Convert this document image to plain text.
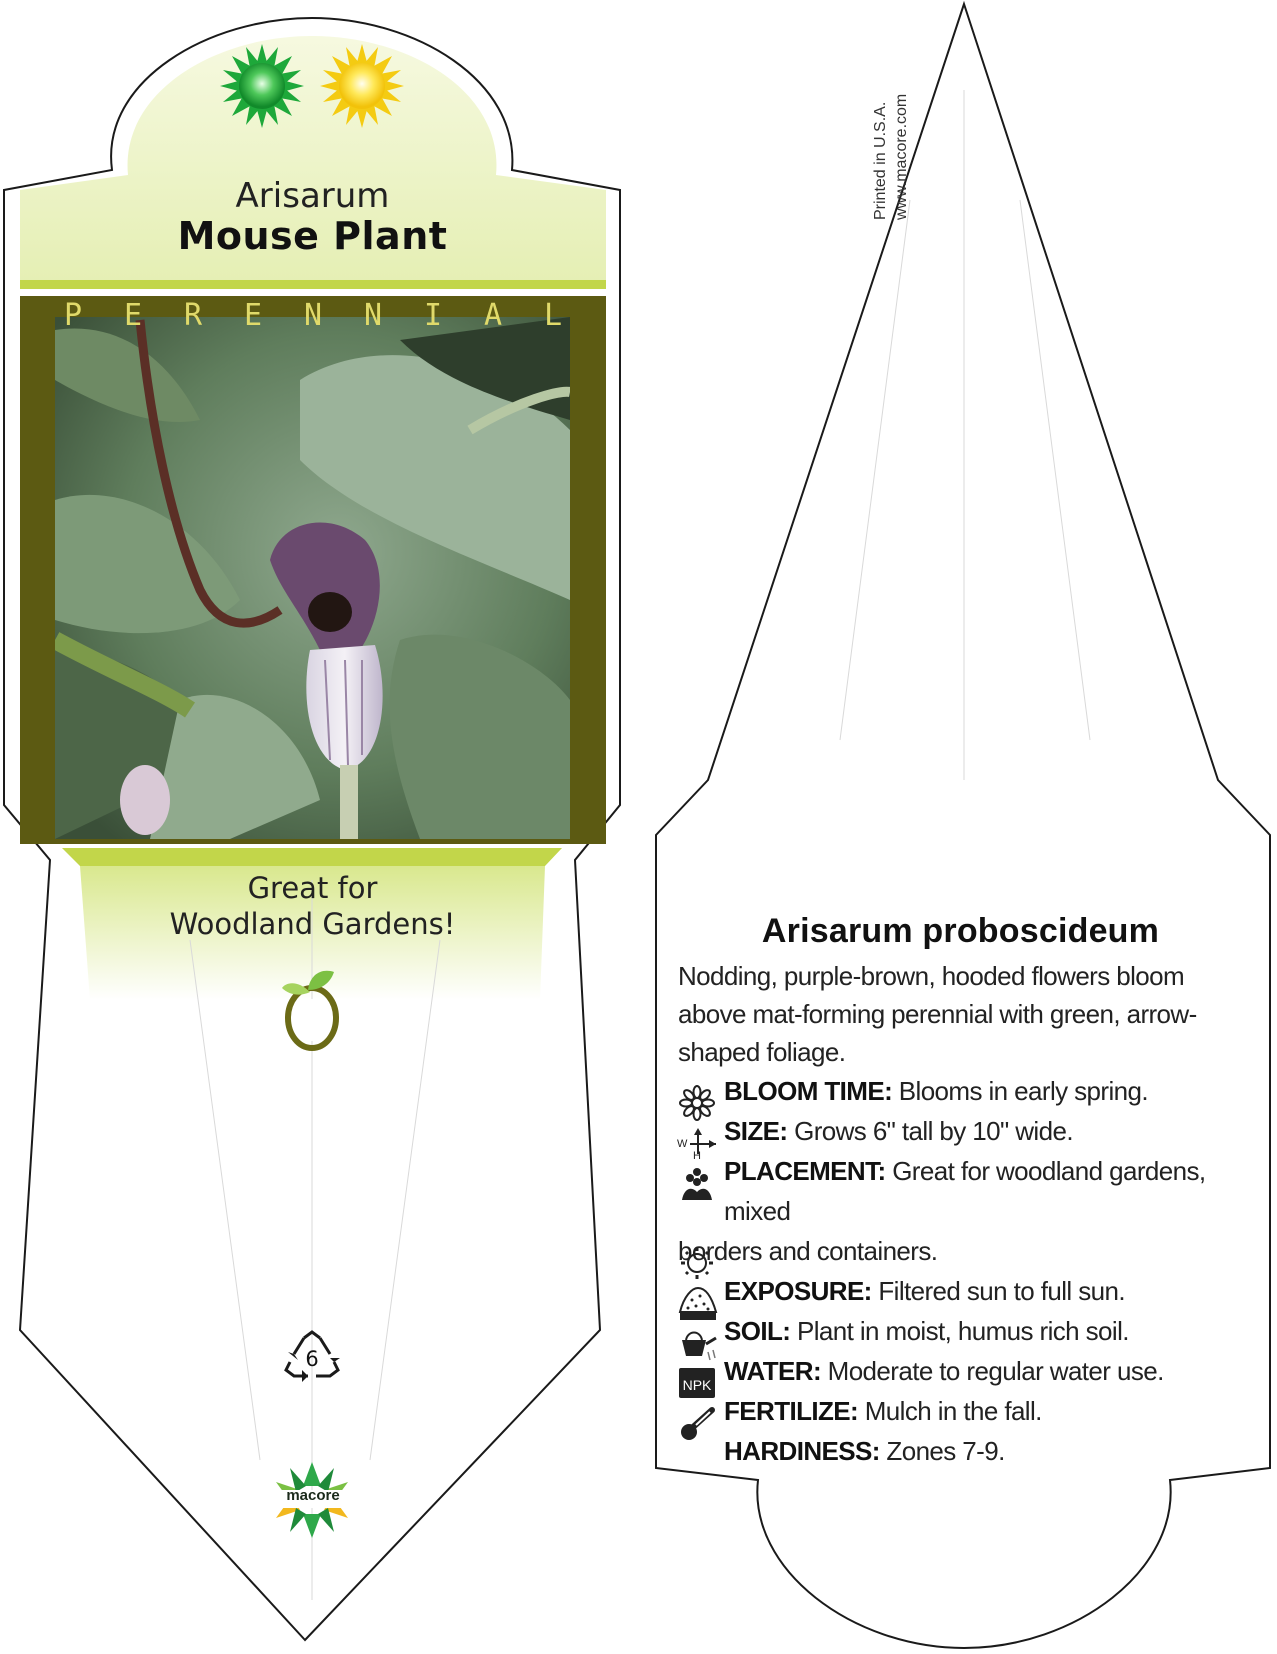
NPK
Arisarum
Mouse Plant
P E R E N N I A L
Great for
Woodland Gardens!
6
macore
Printed in U.S.A. www.macore.com
Arisarum proboscideum

Nodding, purple-brown, hooded flowers bloom above mat-forming perennial with green, arrow-shaped foliage.

BLOOM TIME: Blooms in early spring.
SIZE: Grows 6" tall by 10" wide.
PLACEMENT: Great for woodland gardens, mixed
borders and containers.
EXPOSURE: Filtered sun to full sun.
SOIL: Plant in moist, humus rich soil.
WATER: Moderate to regular water use.
FERTILIZE: Mulch in the fall.
HARDINESS: Zones 7-9.
W
H
